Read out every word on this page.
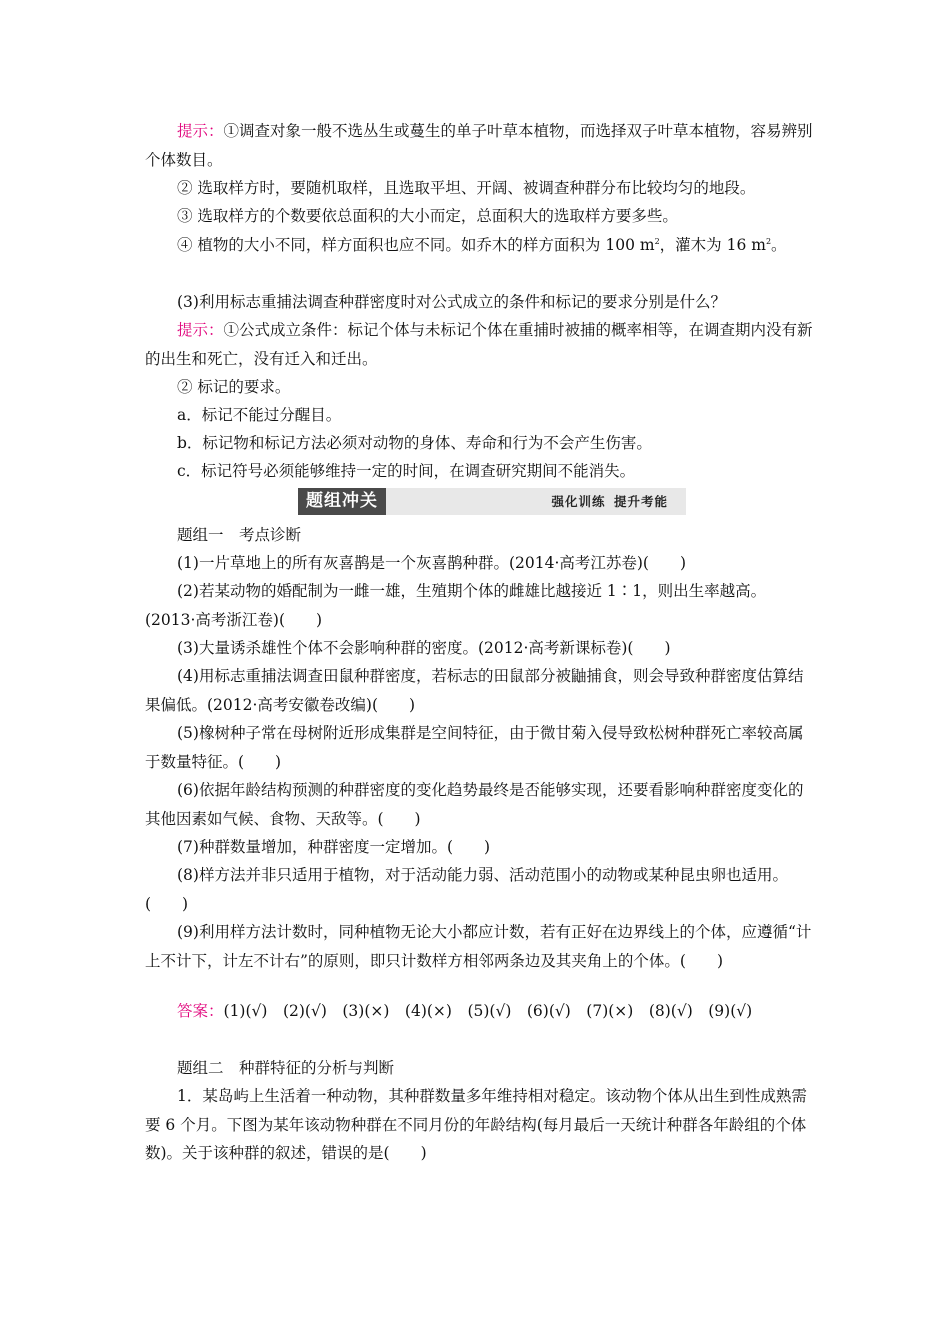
提示：①调查对象一般不选丛生或蔓生的单子叶草本植物，而选择双子叶草本植物，容易辨别个体数目。

② 选取样方时，要随机取样，且选取平坦、开阔、被调查种群分布比较均匀的地段。

③ 选取样方的个数要依总面积的大小而定，总面积大的选取样方要多些。

④ 植物的大小不同，样方面积也应不同。如乔木的样方面积为 100 $m^2$，灌木为 16 $m^2$。

(3)利用标志重捕法调查种群密度时对公式成立的条件和标记的要求分别是什么？

提示：①公式成立条件：标记个体与未标记个体在重捕时被捕的概率相等，在调查期内没有新的出生和死亡，没有迁入和迁出。

② 标记的要求。

a．标记不能过分醒目。

b．标记物和标记方法必须对动物的身体、寿命和行为不会产生伤害。

c．标记符号必须能够维持一定的时间，在调查研究期间不能消失。

题组冲关	强化训练 提升考能

题组一　考点诊断

(1)一片草地上的所有灰喜鹊是一个灰喜鹊种群。(2014·高考江苏卷)(　　)

(2)若某动物的婚配制为一雌一雄，生殖期个体的雌雄比越接近 1∶1，则出生率越高。(2013·高考浙江卷)(　　)

(3)大量诱杀雄性个体不会影响种群的密度。(2012·高考新课标卷)(　　)

(4)用标志重捕法调查田鼠种群密度，若标志的田鼠部分被鼬捕食，则会导致种群密度估算结果偏低。(2012·高考安徽卷改编)(　　)

(5)橡树种子常在母树附近形成集群是空间特征，由于微甘菊入侵导致松树种群死亡率较高属于数量特征。(　　)

(6)依据年龄结构预测的种群密度的变化趋势最终是否能够实现，还要看影响种群密度变化的其他因素如气候、食物、天敌等。(　　)

(7)种群数量增加，种群密度一定增加。(　　)

(8)样方法并非只适用于植物，对于活动能力弱、活动范围小的动物或某种昆虫卵也适用。(　　)

(9)利用样方法计数时，同种植物无论大小都应计数，若有正好在边界线上的个体，应遵循“计上不计下，计左不计右”的原则，即只计数样方相邻两条边及其夹角上的个体。(　　)

答案：(1)(√)　(2)(√)　(3)(×)　(4)(×)　(5)(√)　(6)(√)　(7)(×)　(8)(√)　(9)(√)

题组二　种群特征的分析与判断

1．某岛屿上生活着一种动物，其种群数量多年维持相对稳定。该动物个体从出生到性成熟需要 6 个月。下图为某年该动物种群在不同月份的年龄结构(每月最后一天统计种群各年龄组的个体数)。关于该种群的叙述，错误的是(　　)
